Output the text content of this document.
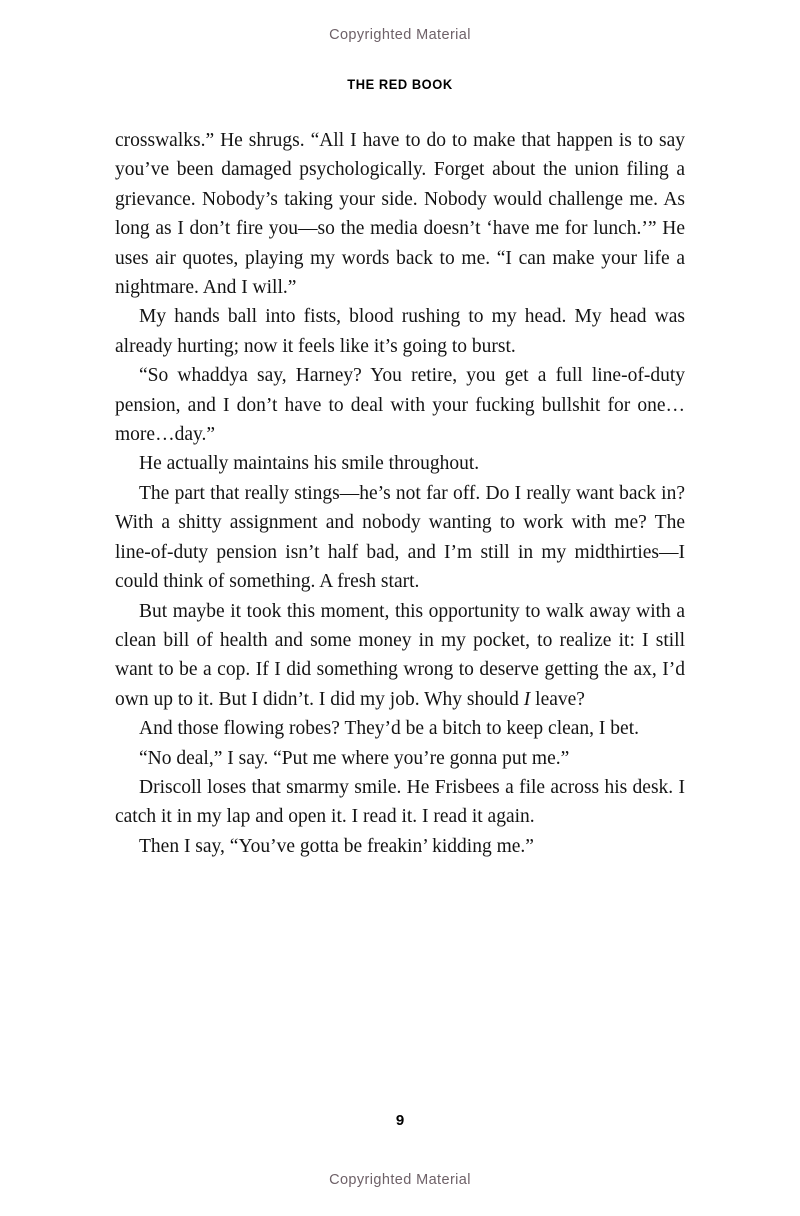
Copyrighted Material
THE RED BOOK

crosswalks.” He shrugs. “All I have to do to make that happen is to say you’ve been damaged psychologically. Forget about the union filing a grievance. Nobody’s taking your side. Nobody would challenge me. As long as I don’t fire you—so the media doesn’t ‘have me for lunch.’” He uses air quotes, playing my words back to me. “I can make your life a nightmare. And I will.”

My hands ball into fists, blood rushing to my head. My head was already hurting; now it feels like it’s going to burst.

“So whaddya say, Harney? You retire, you get a full line-of-duty pension, and I don’t have to deal with your fucking bullshit for one…more…day.”

He actually maintains his smile throughout.

The part that really stings—he’s not far off. Do I really want back in? With a shitty assignment and nobody wanting to work with me? The line-of-duty pension isn’t half bad, and I’m still in my midthirties—I could think of something. A fresh start.

But maybe it took this moment, this opportunity to walk away with a clean bill of health and some money in my pocket, to realize it: I still want to be a cop. If I did something wrong to deserve getting the ax, I’d own up to it. But I didn’t. I did my job. Why should I leave?

And those flowing robes? They’d be a bitch to keep clean, I bet.

“No deal,” I say. “Put me where you’re gonna put me.”

Driscoll loses that smarmy smile. He Frisbees a file across his desk. I catch it in my lap and open it. I read it. I read it again.

Then I say, “You’ve gotta be freakin’ kidding me.”

9
Copyrighted Material
